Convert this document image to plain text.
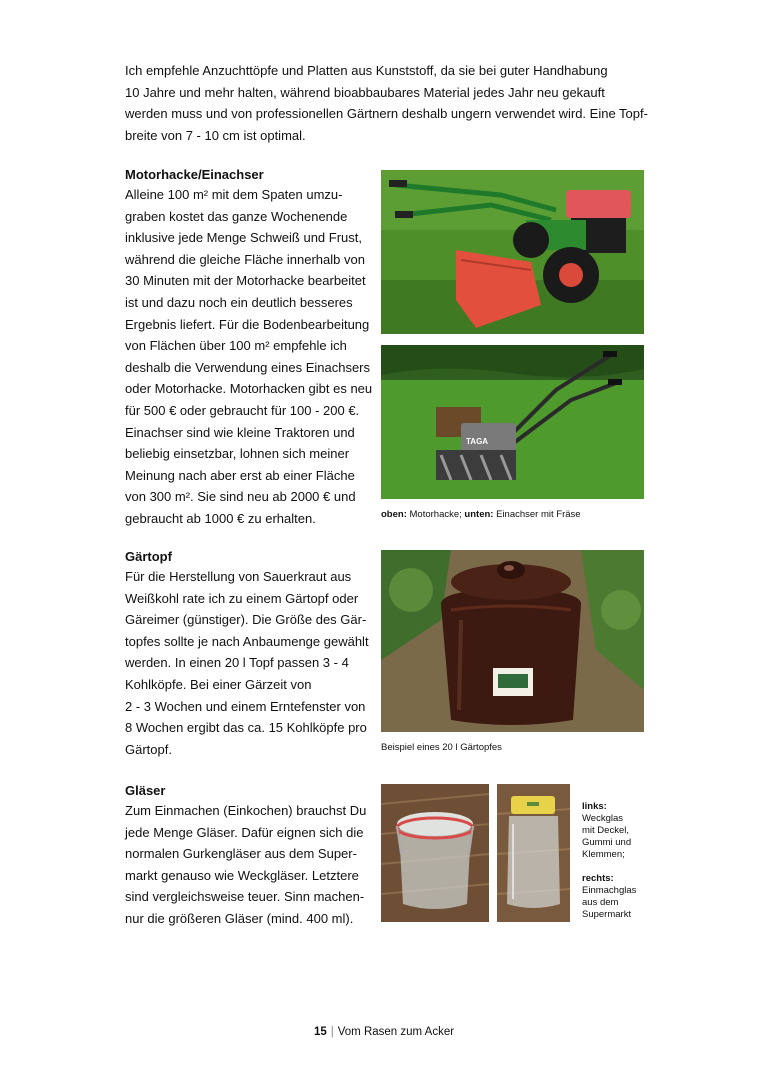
Ich empfehle Anzuchttöpfe und Platten aus Kunststoff, da sie bei guter Handhabung
10 Jahre und mehr halten, während bioabbaubares Material jedes Jahr neu gekauft
werden muss und von professionellen Gärtnern deshalb ungern verwendet wird. Eine Topf-
breite von 7 - 10 cm ist optimal.
Motorhacke/Einachser
Alleine 100 m² mit dem Spaten umzu-
graben kostet das ganze Wochenende
inklusive jede Menge Schweiß und Frust,
während die gleiche Fläche innerhalb von
30 Minuten mit der Motorhacke bearbeitet
ist und dazu noch ein deutlich besseres
Ergebnis liefert. Für die Bodenbearbeitung
von Flächen über 100 m² empfehle ich
deshalb die Verwendung eines Einachsers
oder Motorhacke. Motorhacken gibt es neu
für 500 € oder gebraucht für 100 - 200 €.
Einachser sind wie kleine Traktoren und
beliebig einsetzbar, lohnen sich meiner
Meinung nach aber erst ab einer Fläche
von 300 m². Sie sind neu ab 2000 € und
gebraucht ab 1000 € zu erhalten.
TAGA
oben: Motorhacke; unten: Einachser mit Fräse
Gärtopf
Für die Herstellung von Sauerkraut aus
Weißkohl rate ich zu einem Gärtopf oder
Gäreimer (günstiger). Die Größe des Gär-
topfes sollte je nach Anbaumenge gewählt
werden. In einen 20 l Topf passen 3 - 4
Kohlköpfe. Bei einer Gärzeit von
2 - 3 Wochen und einem Erntefenster von
8 Wochen ergibt das ca. 15 Kohlköpfe pro
Gärtopf.	Beispiel eines 20 l Gärtopfes
Gläser
Zum Einmachen (Einkochen) brauchst Du
jede Menge Gläser. Dafür eignen sich die
normalen Gurkengläser aus dem Super-
markt genauso wie Weckgläser. Letztere
sind vergleichsweise teuer. Sinn machen-
nur die größeren Gläser (mind. 400 ml).
links:
Weckglas
mit Deckel,
Gummi und
Klemmen;
rechts:
Einmachglas
aus dem
Supermarkt
15 | Vom Rasen zum Acker
